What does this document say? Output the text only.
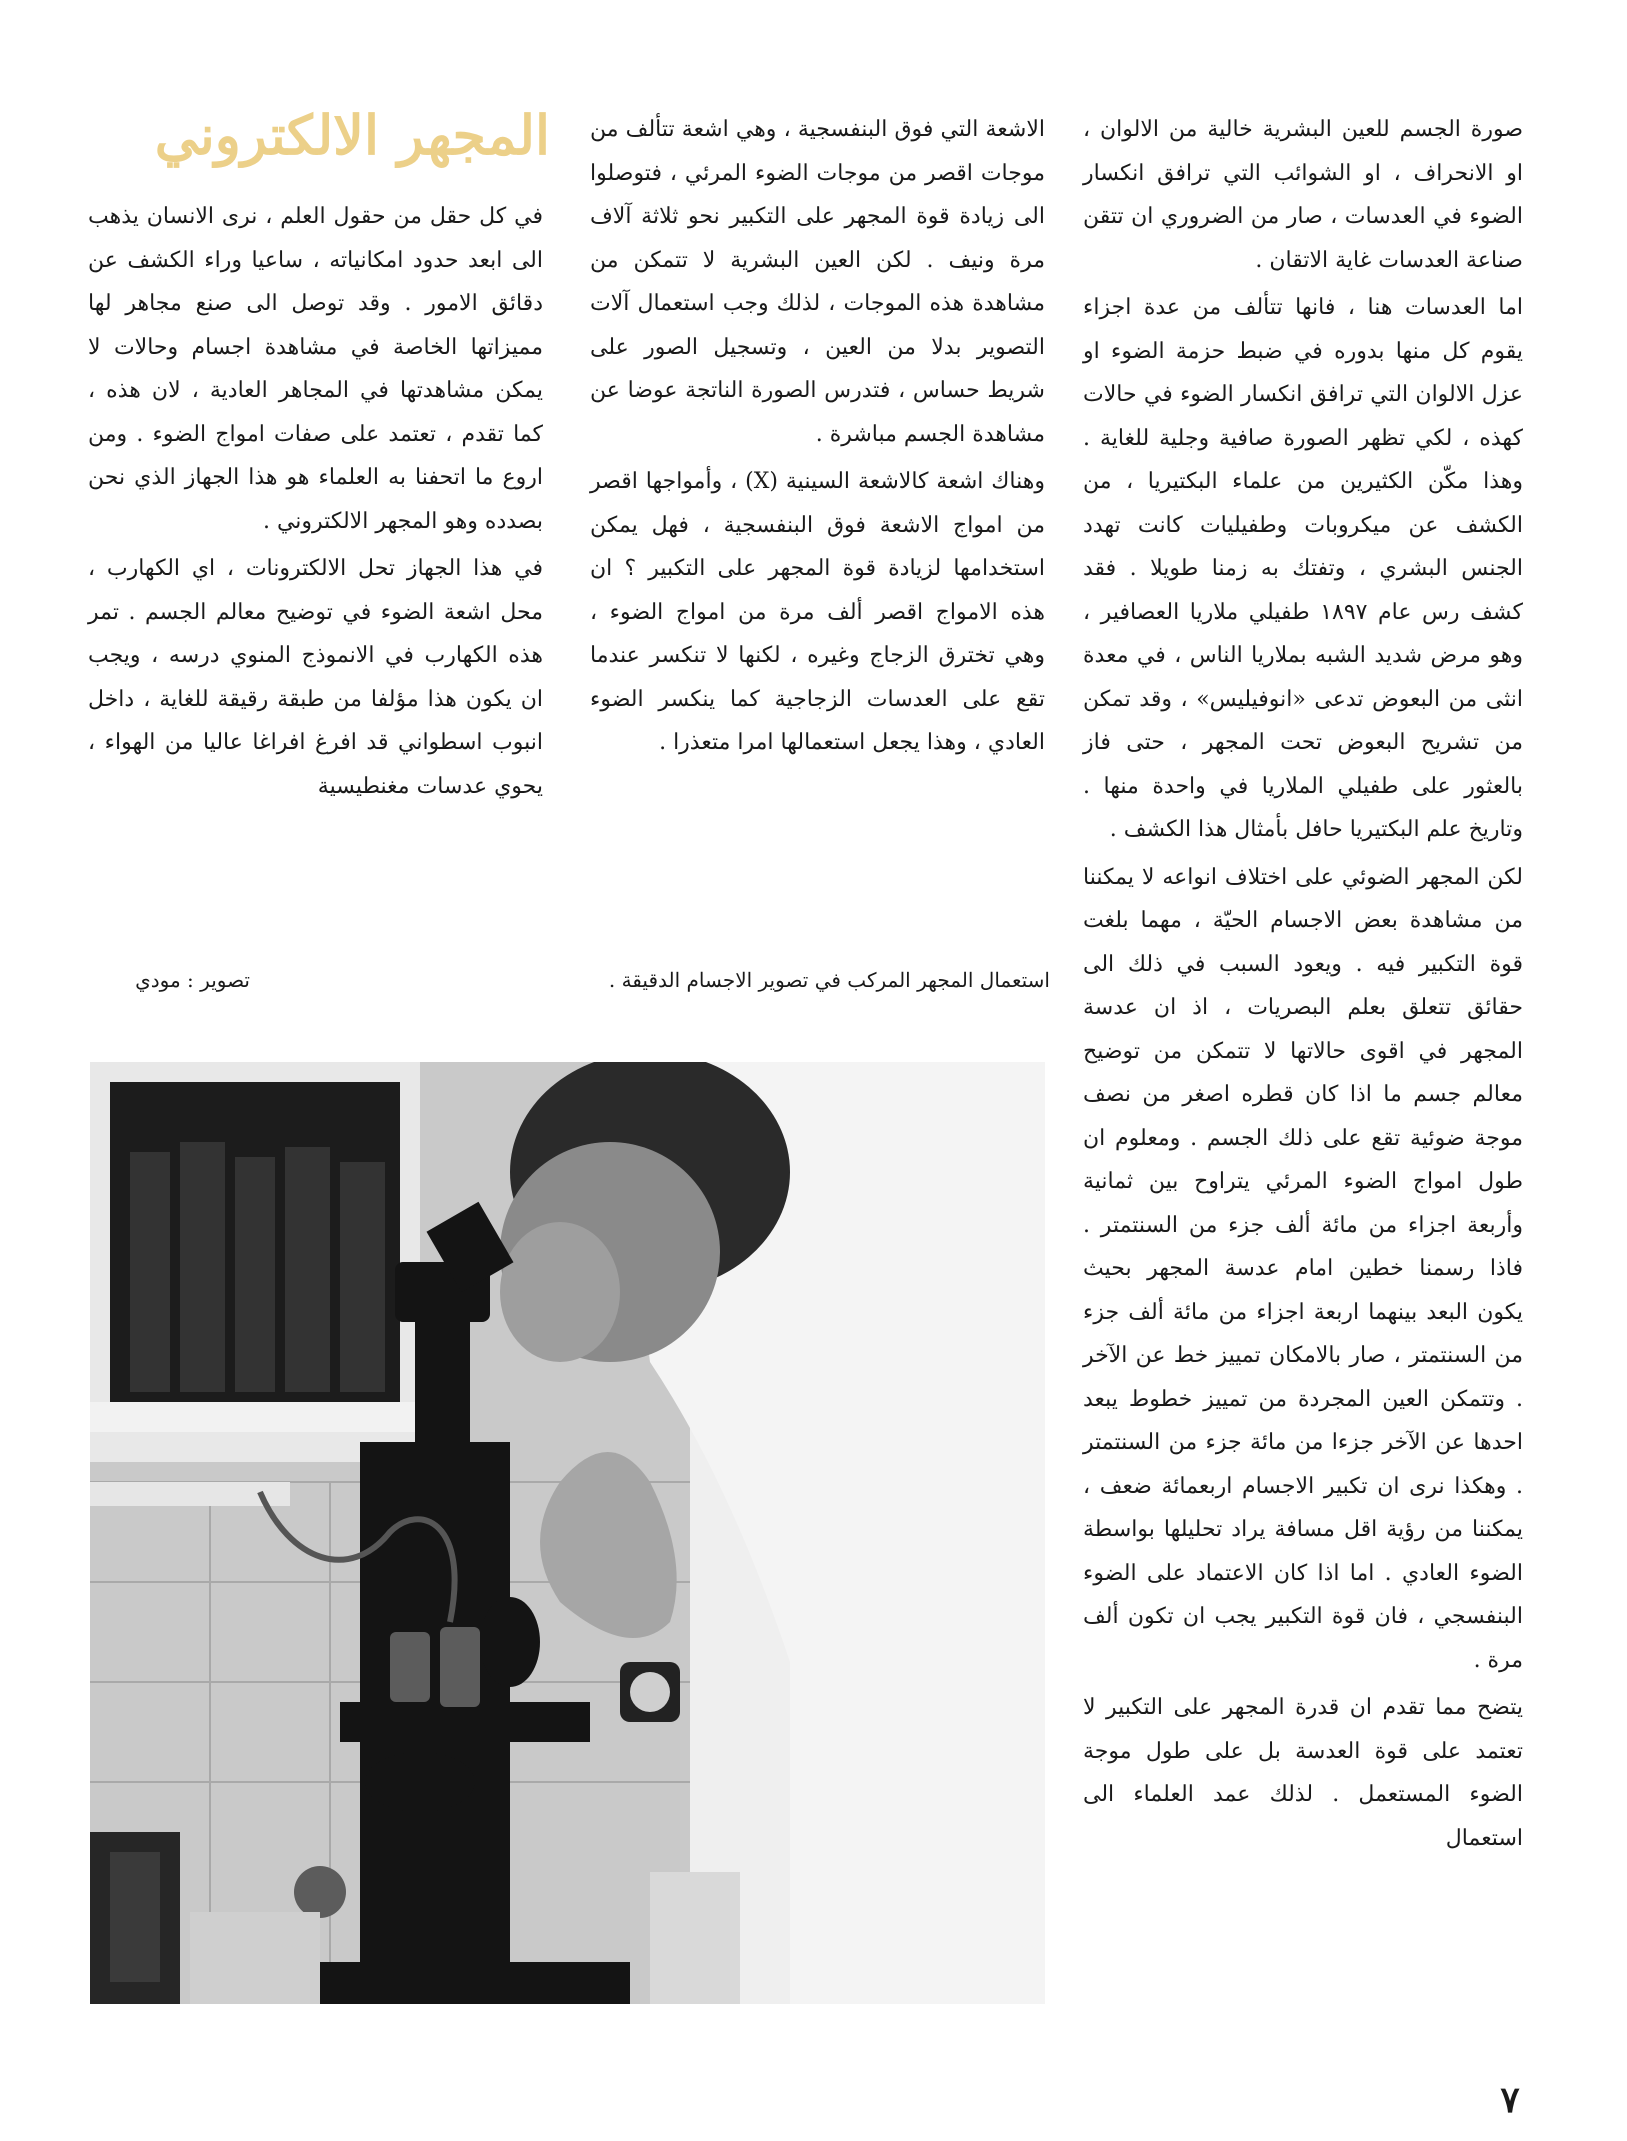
المجهر الالكتروني	صورة الجسم للعين البشرية خالية من الالوان ، او الانحراف ، او الشوائب التي ترافق انكسار الضوء في العدسات ، صار من الضروري ان تتقن صناعة العدسات غاية الاتقان .

اما العدسات هنا ، فانها تتألف من عدة اجزاء يقوم كل منها بدوره في ضبط حزمة الضوء او عزل الالوان التي ترافق انكسار الضوء في حالات كهذه ، لكي تظهر الصورة صافية وجلية للغاية . وهذا مكّن الكثيرين من علماء البكتيريا ، من الكشف عن ميكروبات وطفيليات كانت تهدد الجنس البشري ، وتفتك به زمنا طويلا . فقد كشف رس عام ١٨٩٧ طفيلي ملاريا العصافير ، وهو مرض شديد الشبه بملاريا الناس ، في معدة انثى من البعوض تدعى «انوفيليس» ، وقد تمكن من تشريح البعوض تحت المجهر ، حتى فاز بالعثور على طفيلي الملاريا في واحدة منها . وتاريخ علم البكتيريا حافل بأمثال هذا الكشف .

لكن المجهر الضوئي على اختلاف انواعه لا يمكننا من مشاهدة بعض الاجسام الحيّة ، مهما بلغت قوة التكبير فيه . ويعود السبب في ذلك الى حقائق تتعلق بعلم البصريات ، اذ ان عدسة المجهر في اقوى حالاتها لا تتمكن من توضيح معالم جسم ما اذا كان قطره اصغر من نصف موجة ضوئية تقع على ذلك الجسم . ومعلوم ان طول امواج الضوء المرئي يتراوح بين ثمانية وأربعة اجزاء من مائة ألف جزء من السنتمتر . فاذا رسمنا خطين امام عدسة المجهر بحيث يكون البعد بينهما اربعة اجزاء من مائة ألف جزء من السنتمتر ، صار بالامكان تمييز خط عن الآخر . وتتمكن العين المجردة من تمييز خطوط يبعد احدها عن الآخر جزءا من مائة جزء من السنتمتر . وهكذا نرى ان تكبير الاجسام اربعمائة ضعف ، يمكننا من رؤية اقل مسافة يراد تحليلها بواسطة الضوء العادي . اما اذا كان الاعتماد على الضوء البنفسجي ، فان قوة التكبير يجب ان تكون ألف مرة .

يتضح مما تقدم ان قدرة المجهر على التكبير لا تعتمد على قوة العدسة بل على طول موجة الضوء المستعمل . لذلك عمد العلماء الى استعمال

الاشعة التي فوق البنفسجية ، وهي اشعة تتألف من موجات اقصر من موجات الضوء المرئي ، فتوصلوا الى زيادة قوة المجهر على التكبير نحو ثلاثة آلاف مرة ونيف . لكن العين البشرية لا تتمكن من مشاهدة هذه الموجات ، لذلك وجب استعمال آلات التصوير بدلا من العين ، وتسجيل الصور على شريط حساس ، فتدرس الصورة الناتجة عوضا عن مشاهدة الجسم مباشرة .

وهناك اشعة كالاشعة السينية (X) ، وأمواجها اقصر من امواج الاشعة فوق البنفسجية ، فهل يمكن استخدامها لزيادة قوة المجهر على التكبير ؟ ان هذه الامواج اقصر ألف مرة من امواج الضوء ، وهي تخترق الزجاج وغيره ، لكنها لا تنكسر عندما تقع على العدسات الزجاجية كما ينكسر الضوء العادي ، وهذا يجعل استعمالها امرا متعذرا .

في كل حقل من حقول العلم ، نرى الانسان يذهب الى ابعد حدود امكانياته ، ساعيا وراء الكشف عن دقائق الامور . وقد توصل الى صنع مجاهر لها مميزاتها الخاصة في مشاهدة اجسام وحالات لا يمكن مشاهدتها في المجاهر العادية ، لان هذه ، كما تقدم ، تعتمد على صفات امواج الضوء . ومن اروع ما اتحفنا به العلماء هو هذا الجهاز الذي نحن بصدده وهو المجهر الالكتروني .

في هذا الجهاز تحل الالكترونات ، اي الكهارب ، محل اشعة الضوء في توضيح معالم الجسم . تمر هذه الكهارب في الانموذج المنوي درسه ، ويجب ان يكون هذا مؤلفا من طبقة رقيقة للغاية ، داخل انبوب اسطواني قد افرغ افراغا عاليا من الهواء ، يحوي عدسات مغنطيسية

استعمال المجهر المركب في تصوير الاجسام الدقيقة .
تصوير : مودي
٧
